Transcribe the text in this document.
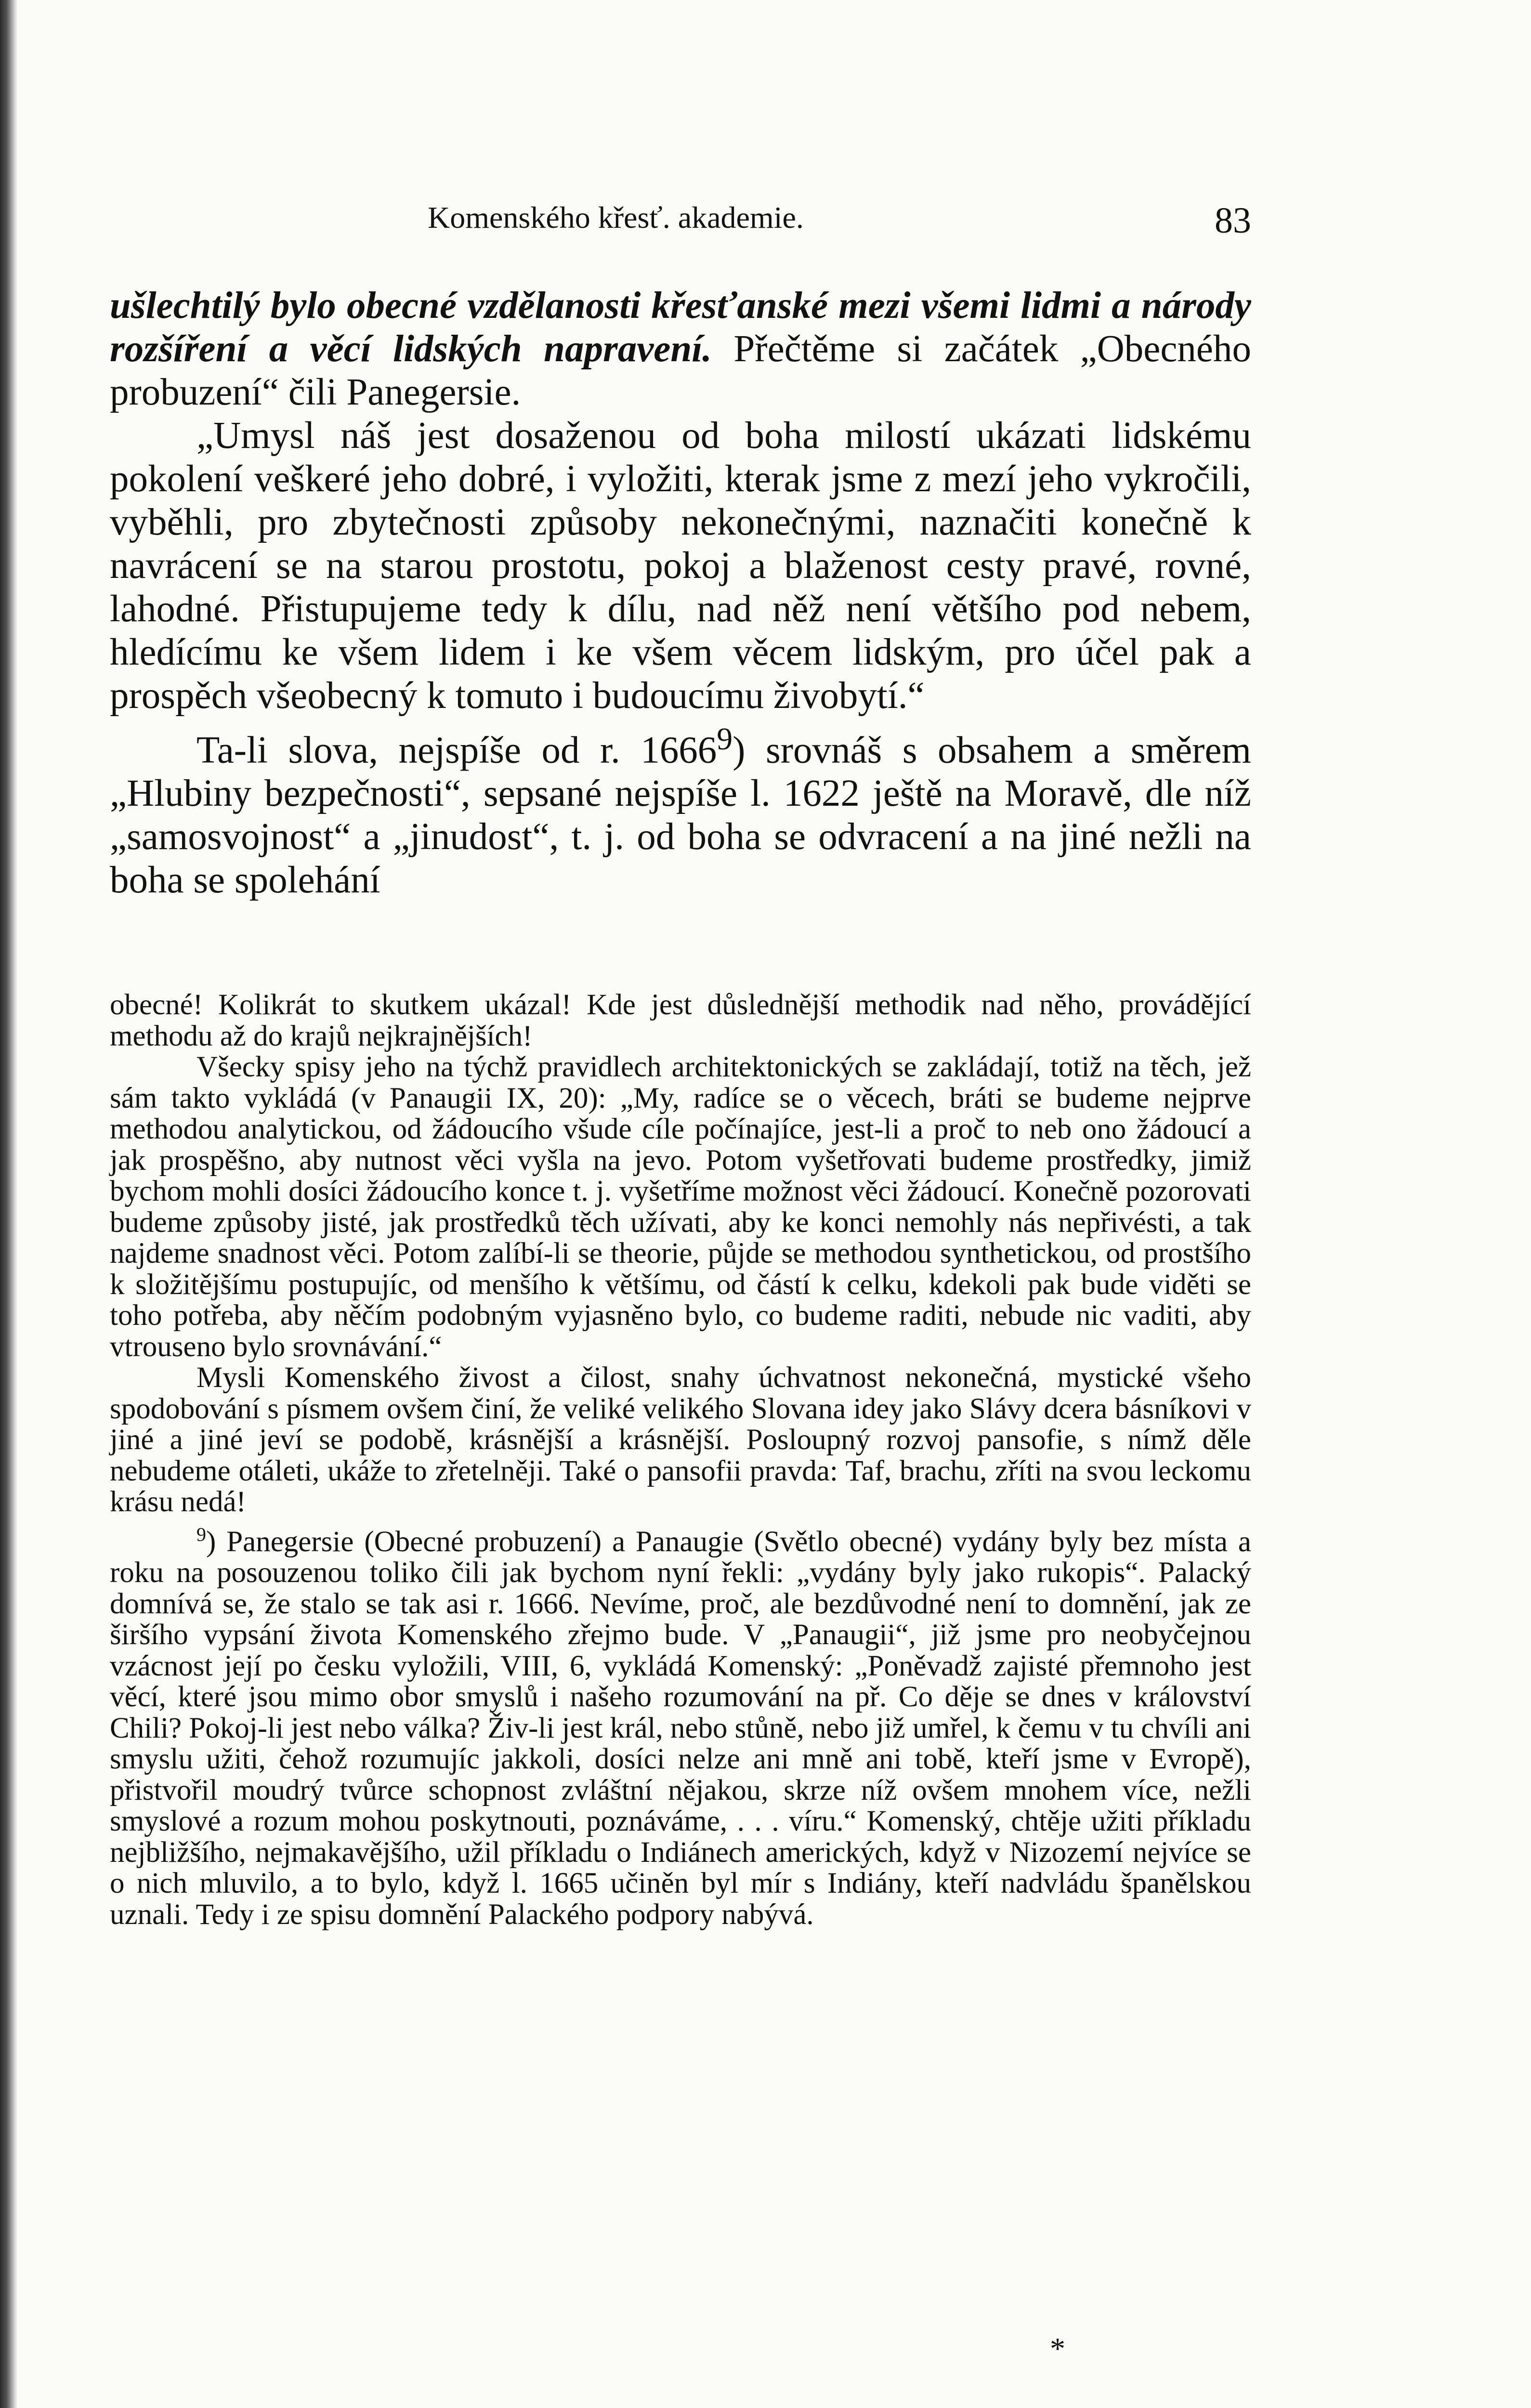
Komenského křesť. akademie.	83

ušlechtilý bylo obecné vzdělanosti křesťanské mezi všemi lidmi a národy rozšíření a věcí lidských napravení. Přečtěme si začátek „Obecného probuzení“ čili Panegersie.

„Umysl náš jest dosaženou od boha milostí ukázati lidskému pokolení veškeré jeho dobré, i vyložiti, kterak jsme z mezí jeho vykročili, vyběhli, pro zbytečnosti způsoby nekonečnými, naznačiti konečně k navrácení se na starou prostotu, pokoj a blaženost cesty pravé, rovné, lahodné. Přistupujeme tedy k dílu, nad něž není většího pod nebem, hledícímu ke všem lidem i ke všem věcem lidským, pro účel pak a prospěch všeobecný k tomuto i budoucímu živobytí.“

Ta-li slova, nejspíše od r. 1666$^9$) srovnáš s obsahem a směrem „Hlubiny bezpečnosti“, sepsané nejspíše l. 1622 ještě na Moravě, dle níž „samosvojnost“ a „jinudost“, t. j. od boha se odvracení a na jiné nežli na boha se spolehání

obecné! Kolikrát to skutkem ukázal! Kde jest důslednější methodik nad něho, provádějící methodu až do krajů nejkrajnějších!

Všecky spisy jeho na týchž pravidlech architektonických se zakládají, totiž na těch, jež sám takto vykládá (v Panaugii IX, 20): „My, radíce se o věcech, bráti se budeme nejprve methodou analytickou, od žádoucího všude cíle počínajíce, jest-li a proč to neb ono žádoucí a jak prospěšno, aby nutnost věci vyšla na jevo. Potom vyšetřovati budeme prostředky, jimiž bychom mohli dosíci žádoucího konce t. j. vyšetříme možnost věci žádoucí. Konečně pozorovati budeme způsoby jisté, jak prostředků těch užívati, aby ke konci nemohly nás nepřivésti, a tak najdeme snadnost věci. Potom zalíbí-li se theorie, půjde se methodou synthetickou, od prostšího k složitějšímu postupujíc, od menšího k většímu, od částí k celku, kdekoli pak bude viděti se toho potřeba, aby něčím podobným vyjasněno bylo, co budeme raditi, nebude nic vaditi, aby vtrouseno bylo srovnávání.“

Mysli Komenského živost a čilost, snahy úchvatnost nekonečná, mystické všeho spodobování s písmem ovšem činí, že veliké velikého Slovana idey jako Slávy dcera básníkovi v jiné a jiné jeví se podobě, krásnější a krásnější. Posloupný rozvoj pansofie, s nímž děle nebudeme otáleti, ukáže to zřetelněji. Také o pansofii pravda: Taf, brachu, zříti na svou leckomu krásu nedá!

$^9$) Panegersie (Obecné probuzení) a Panaugie (Světlo obecné) vydány byly bez místa a roku na posouzenou toliko čili jak bychom nyní řekli: „vydány byly jako rukopis“. Palacký domnívá se, že stalo se tak asi r. 1666. Nevíme, proč, ale bezdůvodné není to domnění, jak ze širšího vypsání života Komenského zřejmo bude. V „Panaugii“, již jsme pro neobyčejnou vzácnost její po česku vyložili, VIII, 6, vykládá Komenský: „Poněvadž zajisté přemnoho jest věcí, které jsou mimo obor smyslů i našeho rozumování na př. Co děje se dnes v království Chili? Pokoj-li jest nebo válka? Živ-li jest král, nebo stůně, nebo již umřel, k čemu v tu chvíli ani smyslu užiti, čehož rozumujíc jakkoli, dosíci nelze ani mně ani tobě, kteří jsme v Evropě), přistvořil moudrý tvůrce schopnost zvláštní nějakou, skrze níž ovšem mnohem více, nežli smyslové a rozum mohou poskytnouti, poznáváme, . . . víru.“ Komenský, chtěje užiti příkladu nejbližšího, nejmakavějšího, užil příkladu o Indiánech amerických, když v Nizozemí nejvíce se o nich mluvilo, a to bylo, když l. 1665 učiněn byl mír s Indiány, kteří nadvládu španělskou uznali. Tedy i ze spisu domnění Palackého podpory nabývá.

*
